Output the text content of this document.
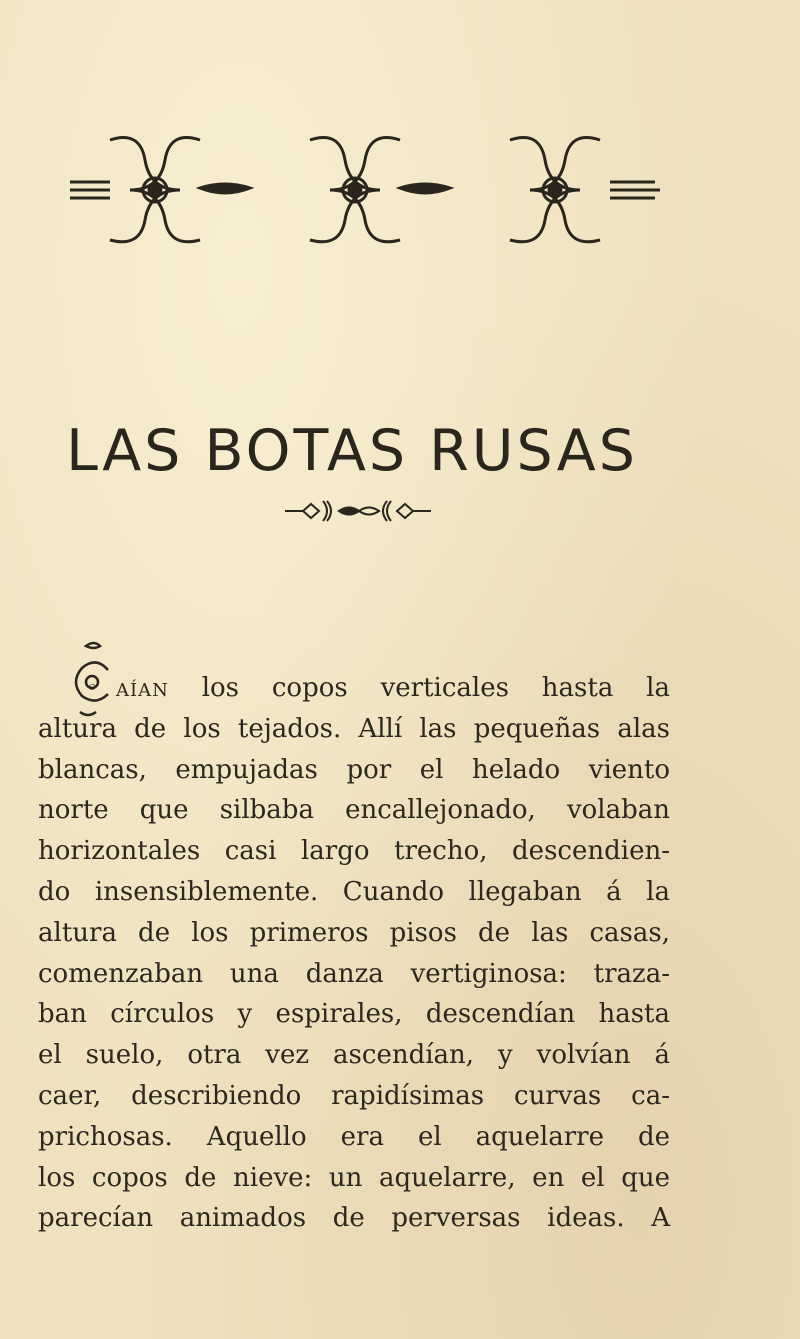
LAS BOTAS RUSAS
C aían los copos verticales hasta la
altura de los tejados. Allí las pequeñas alas
blancas, empujadas por el helado viento
norte que silbaba encallejonado, volaban
horizontales casi largo trecho, descendien-
do insensiblemente. Cuando llegaban á la
altura de los primeros pisos de las casas,
comenzaban una danza vertiginosa: traza-
ban círculos y espirales, descendían hasta
el suelo, otra vez ascendían, y volvían á
caer, describiendo rapidísimas curvas ca-
prichosas. Aquello era el aquelarre de
los copos de nieve: un aquelarre, en el que
parecían animados de perversas ideas. A
